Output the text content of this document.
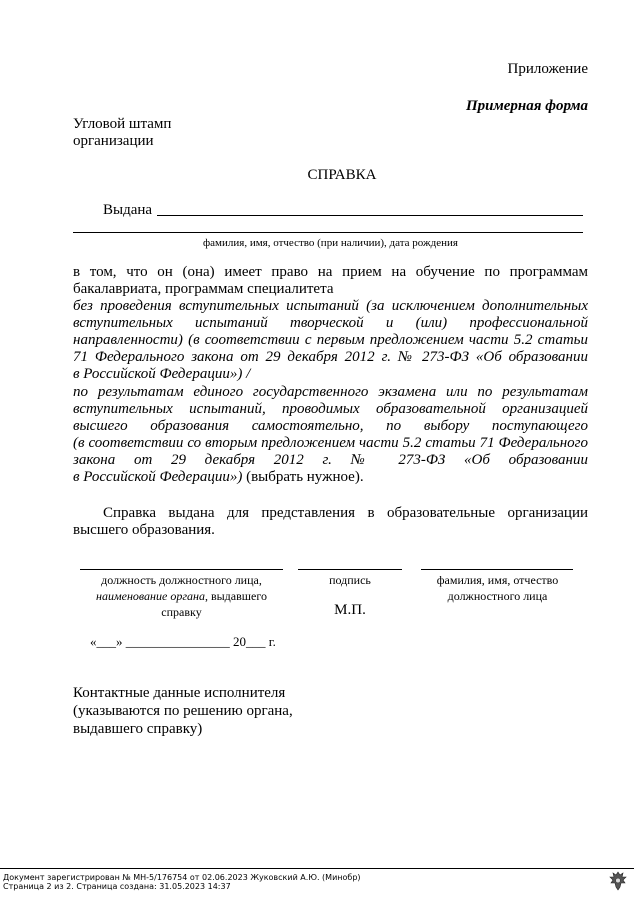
Приложение
Примерная форма
Угловой штамп
организации
СПРАВКА
Выдана
фамилия, имя, отчество (при наличии), дата рождения
в том, что он (она) имеет право на прием на обучение по программам
бакалавриата, программам специалитета
без проведения вступительных испытаний (за исключением дополнительных
вступительных испытаний творческой и (или) профессиональной
направленности) (в соответствии с первым предложением части 5.2 статьи
71 Федерального закона от 29 декабря 2012 г. № 273-ФЗ «Об образовании
в Российской Федерации») /
по результатам единого государственного экзамена или по результатам
вступительных испытаний, проводимых образовательной организацией
высшего образования самостоятельно, по выбору поступающего
(в соответствии со вторым предложением части 5.2 статьи 71 Федерального
закона от 29 декабря 2012 г. № 273-ФЗ «Об образовании
в Российской Федерации») (выбрать нужное).
Справка выдана для представления в образовательные организации
высшего образования.
должность должностного лица,
наименование органа, выдавшего
справку
подпись
М.П.
фамилия, имя, отчество
должностного лица
«___» ________________ 20___ г.
Контактные данные исполнителя
(указываются по решению органа,
выдавшего справку)
Документ зарегистрирован № МН-5/176754 от 02.06.2023 Жуковский А.Ю. (Минобр)
Страница 2 из 2. Страница создана: 31.05.2023 14:37
